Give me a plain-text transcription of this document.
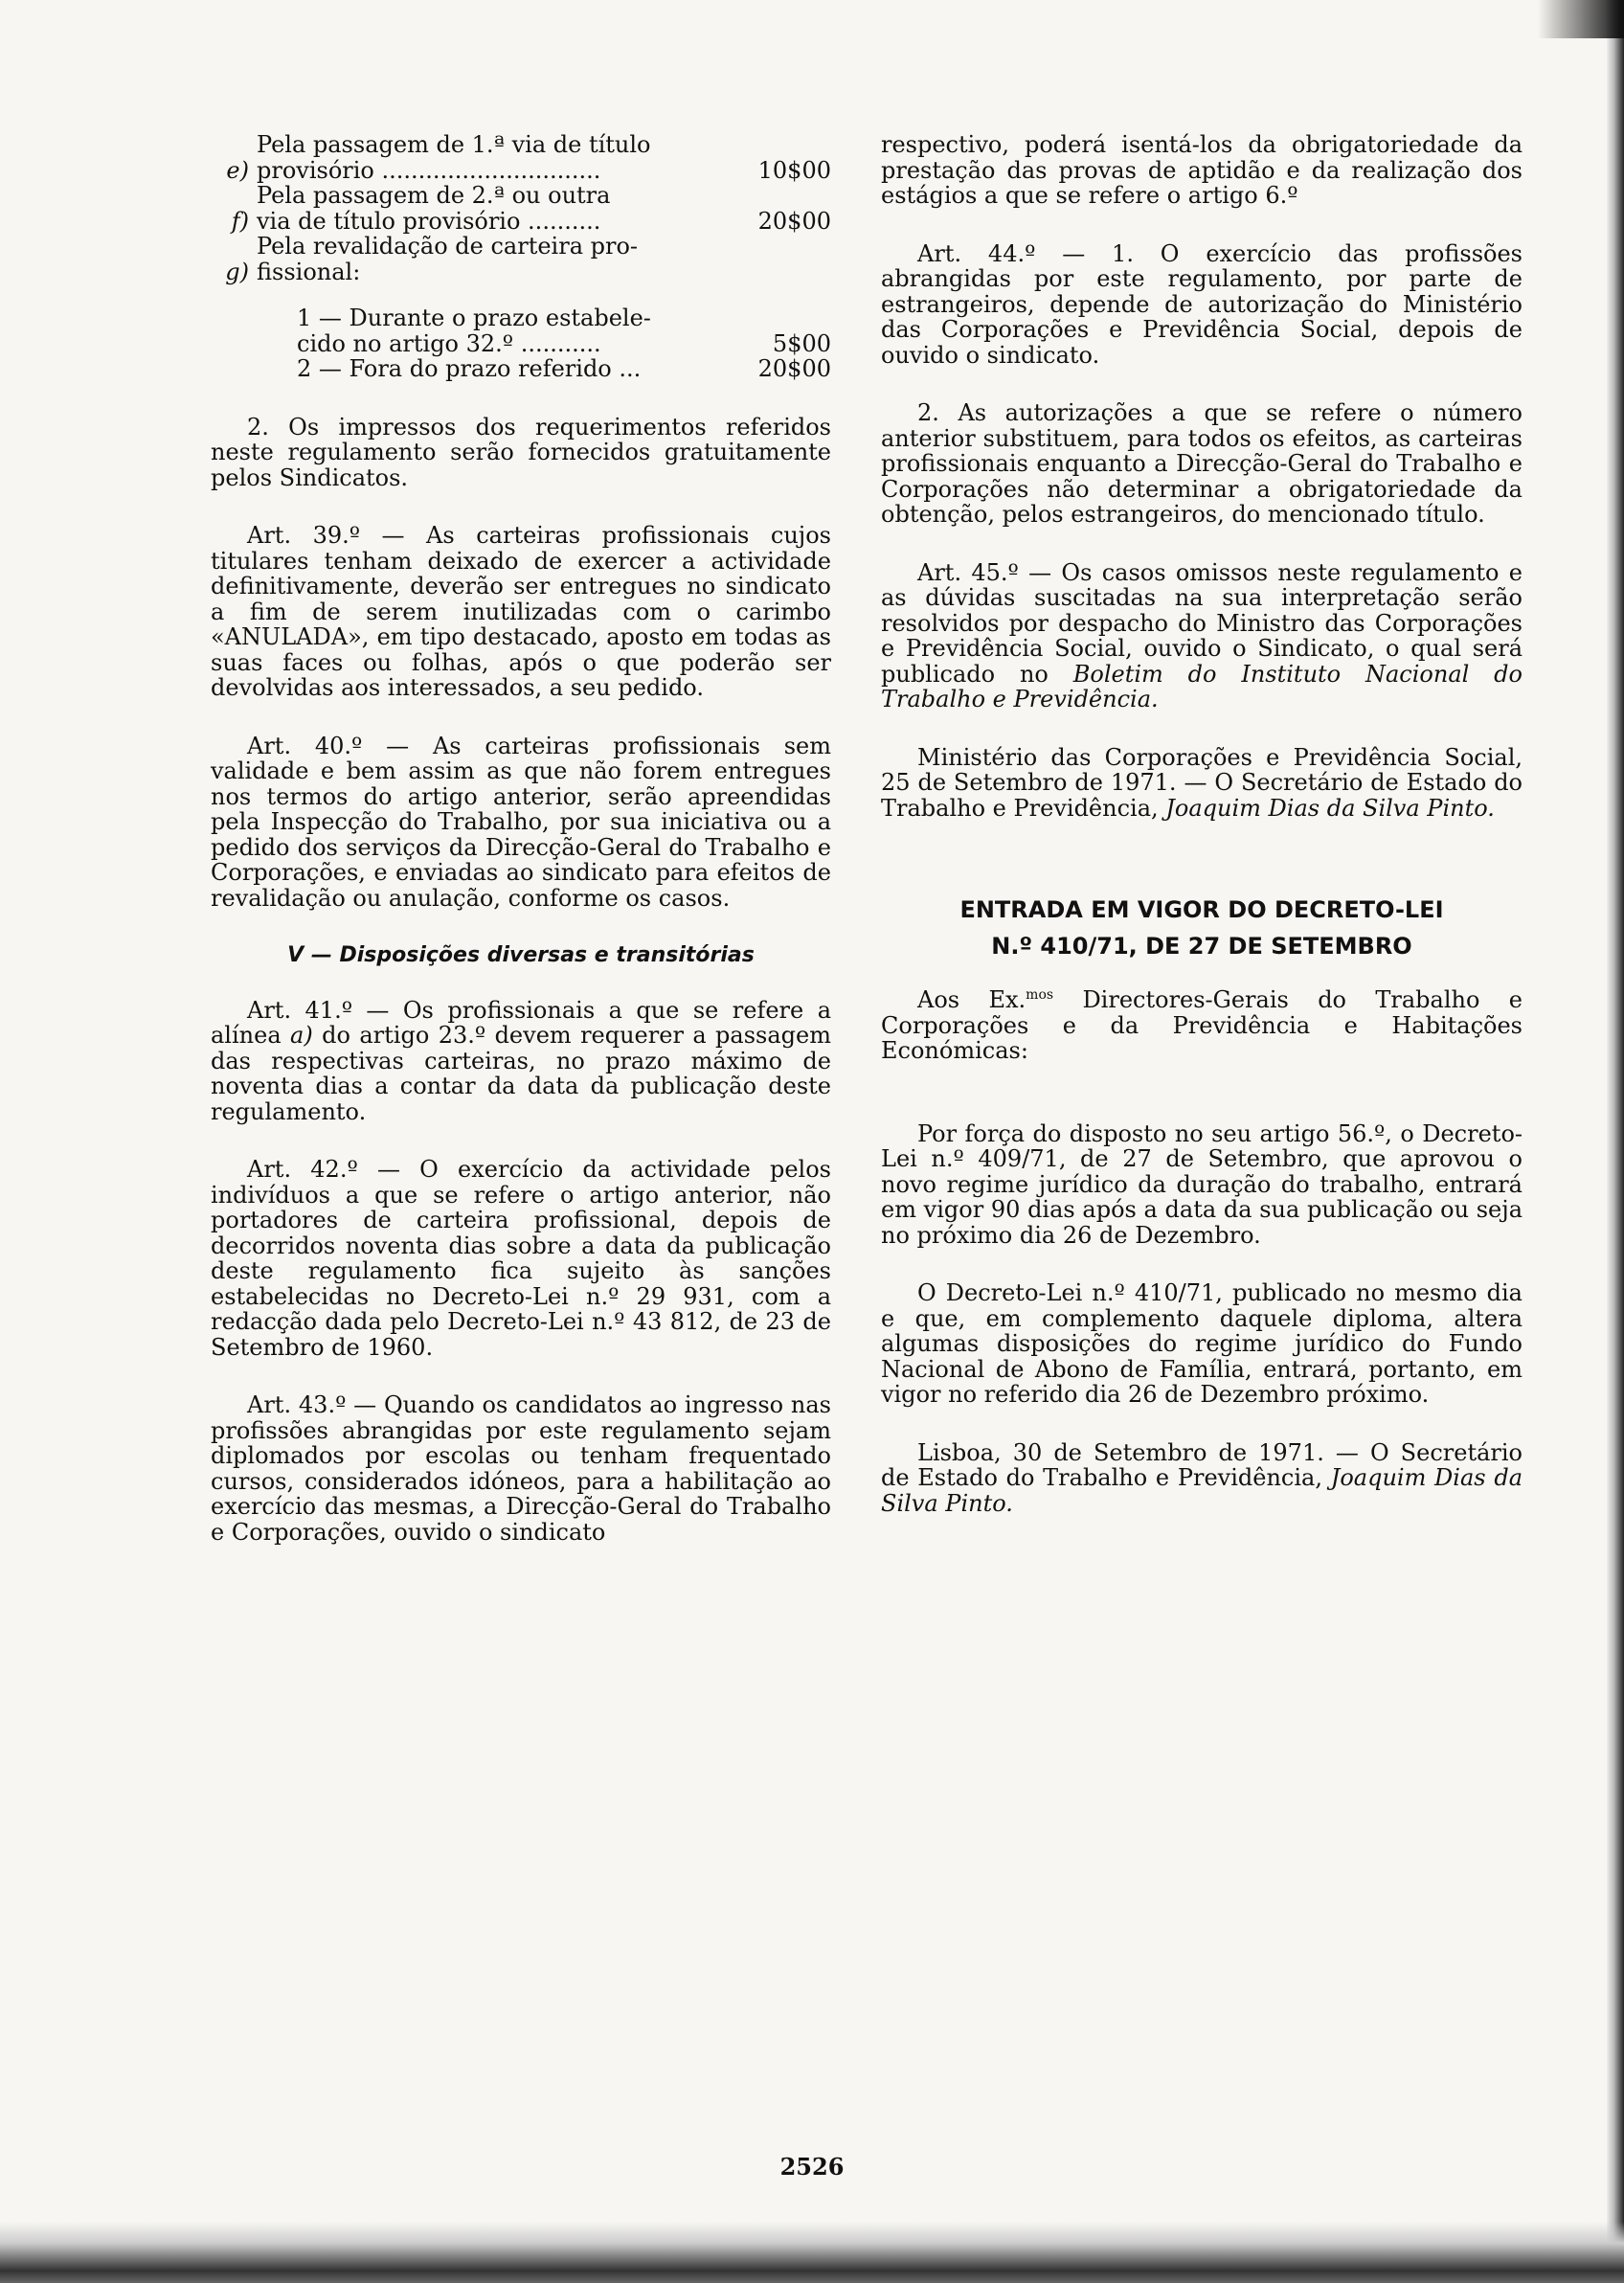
e)
Pela passagem de 1.ª via de título
provisório ..............................	10$00
f)
Pela passagem de 2.ª ou outra
via de título provisório ..........	20$00
g)
Pela revalidação de carteira pro-
fissional:
1 — Durante o prazo estabele-
cido no artigo 32.º ...........	5$00
2 — Fora do prazo referido ...	20$00

2. Os impressos dos requerimentos referidos neste regulamento serão fornecidos gratuitamente pelos Sindicatos.

Art. 39.º — As carteiras profissionais cujos titulares tenham deixado de exercer a actividade definitivamente, deverão ser entregues no sindicato a fim de serem inutilizadas com o carimbo «ANULADA», em tipo destacado, aposto em todas as suas faces ou folhas, após o que poderão ser devolvidas aos interessados, a seu pedido.

Art. 40.º — As carteiras profissionais sem validade e bem assim as que não forem entregues nos termos do artigo anterior, serão apreendidas pela Inspecção do Trabalho, por sua iniciativa ou a pedido dos serviços da Direcção-Geral do Trabalho e Corporações, e enviadas ao sindicato para efeitos de revalidação ou anulação, conforme os casos.

V — Disposições diversas e transitórias

Art. 41.º — Os profissionais a que se refere a alínea a) do artigo 23.º devem requerer a passagem das respectivas carteiras, no prazo máximo de noventa dias a contar da data da publicação deste regulamento.

Art. 42.º — O exercício da actividade pelos indivíduos a que se refere o artigo anterior, não portadores de carteira profissional, depois de decorridos noventa dias sobre a data da publicação deste regulamento fica sujeito às sanções estabelecidas no Decreto-Lei n.º 29 931, com a redacção dada pelo Decreto-Lei n.º 43 812, de 23 de Setembro de 1960.

Art. 43.º — Quando os candidatos ao ingresso nas profissões abrangidas por este regulamento sejam diplomados por escolas ou tenham frequentado cursos, considerados idóneos, para a habilitação ao exercício das mesmas, a Direcção-Geral do Trabalho e Corporações, ouvido o sindicato

respectivo, poderá isentá-los da obrigatoriedade da prestação das provas de aptidão e da realização dos estágios a que se refere o artigo 6.º

Art. 44.º — 1. O exercício das profissões abrangidas por este regulamento, por parte de estrangeiros, depende de autorização do Ministério das Corporações e Previdência Social, depois de ouvido o sindicato.

2. As autorizações a que se refere o número anterior substituem, para todos os efeitos, as carteiras profissionais enquanto a Direcção-Geral do Trabalho e Corporações não determinar a obrigatoriedade da obtenção, pelos estrangeiros, do mencionado título.

Art. 45.º — Os casos omissos neste regulamento e as dúvidas suscitadas na sua interpretação serão resolvidos por despacho do Ministro das Corporações e Previdência Social, ouvido o Sindicato, o qual será publicado no Boletim do Instituto Nacional do Trabalho e Previdência.

Ministério das Corporações e Previdência Social, 25 de Setembro de 1971. — O Secretário de Estado do Trabalho e Previdência, Joaquim Dias da Silva Pinto.

ENTRADA EM VIGOR DO DECRETO-LEI
N.º 410/71, DE 27 DE SETEMBRO

Aos Ex.$^{mos}$ Directores-Gerais do Trabalho e Corporações e da Previdência e Habitações Económicas:

Por força do disposto no seu artigo 56.º, o Decreto-Lei n.º 409/71, de 27 de Setembro, que aprovou o novo regime jurídico da duração do trabalho, entrará em vigor 90 dias após a data da sua publicação ou seja no próximo dia 26 de Dezembro.

O Decreto-Lei n.º 410/71, publicado no mesmo dia e que, em complemento daquele diploma, altera algumas disposições do regime jurídico do Fundo Nacional de Abono de Família, entrará, portanto, em vigor no referido dia 26 de Dezembro próximo.

Lisboa, 30 de Setembro de 1971. — O Secretário de Estado do Trabalho e Previdência, Joaquim Dias da Silva Pinto.

2526
